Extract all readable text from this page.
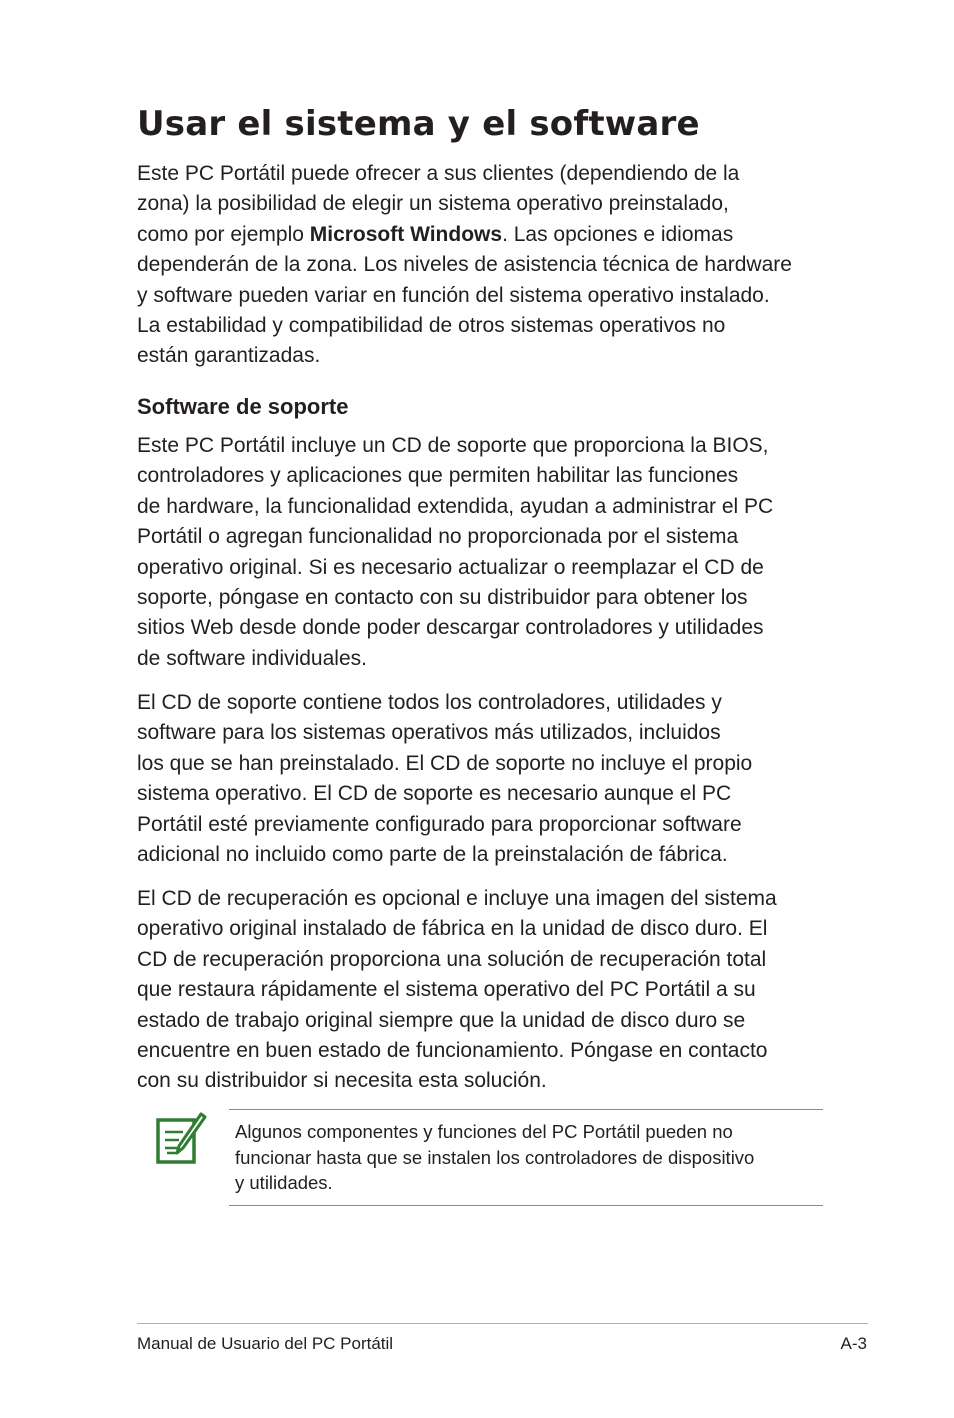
Usar el sistema y el software

Este PC Portátil puede ofrecer a sus clientes (dependiendo de la
zona) la posibilidad de elegir un sistema operativo preinstalado,
como por ejemplo Microsoft Windows. Las opciones e idiomas
dependerán de la zona. Los niveles de asistencia técnica de hardware
y software pueden variar en función del sistema operativo instalado.
La estabilidad y compatibilidad de otros sistemas operativos no
están garantizadas.

Software de soporte

Este PC Portátil incluye un CD de soporte que proporciona la BIOS,
controladores y aplicaciones que permiten habilitar las funciones
de hardware, la funcionalidad extendida, ayudan a administrar el PC
Portátil o agregan funcionalidad no proporcionada por el sistema
operativo original. Si es necesario actualizar o reemplazar el CD de
soporte, póngase en contacto con su distribuidor para obtener los
sitios Web desde donde poder descargar controladores y utilidades
de software individuales.

El CD de soporte contiene todos los controladores, utilidades y
software para los sistemas operativos más utilizados, incluidos
los que se han preinstalado. El CD de soporte no incluye el propio
sistema operativo. El CD de soporte es necesario aunque el PC
Portátil esté previamente configurado para proporcionar software
adicional no incluido como parte de la preinstalación de fábrica.

El CD de recuperación es opcional e incluye una imagen del sistema
operativo original instalado de fábrica en la unidad de disco duro. El
CD de recuperación proporciona una solución de recuperación total
que restaura rápidamente el sistema operativo del PC Portátil a su
estado de trabajo original siempre que la unidad de disco duro se
encuentre en buen estado de funcionamiento. Póngase en contacto
con su distribuidor si necesita esta solución.

Algunos componentes y funciones del PC Portátil pueden no
funcionar hasta que se instalen los controladores de dispositivo
y utilidades.

Manual de Usuario del PC Portátil	A-3
